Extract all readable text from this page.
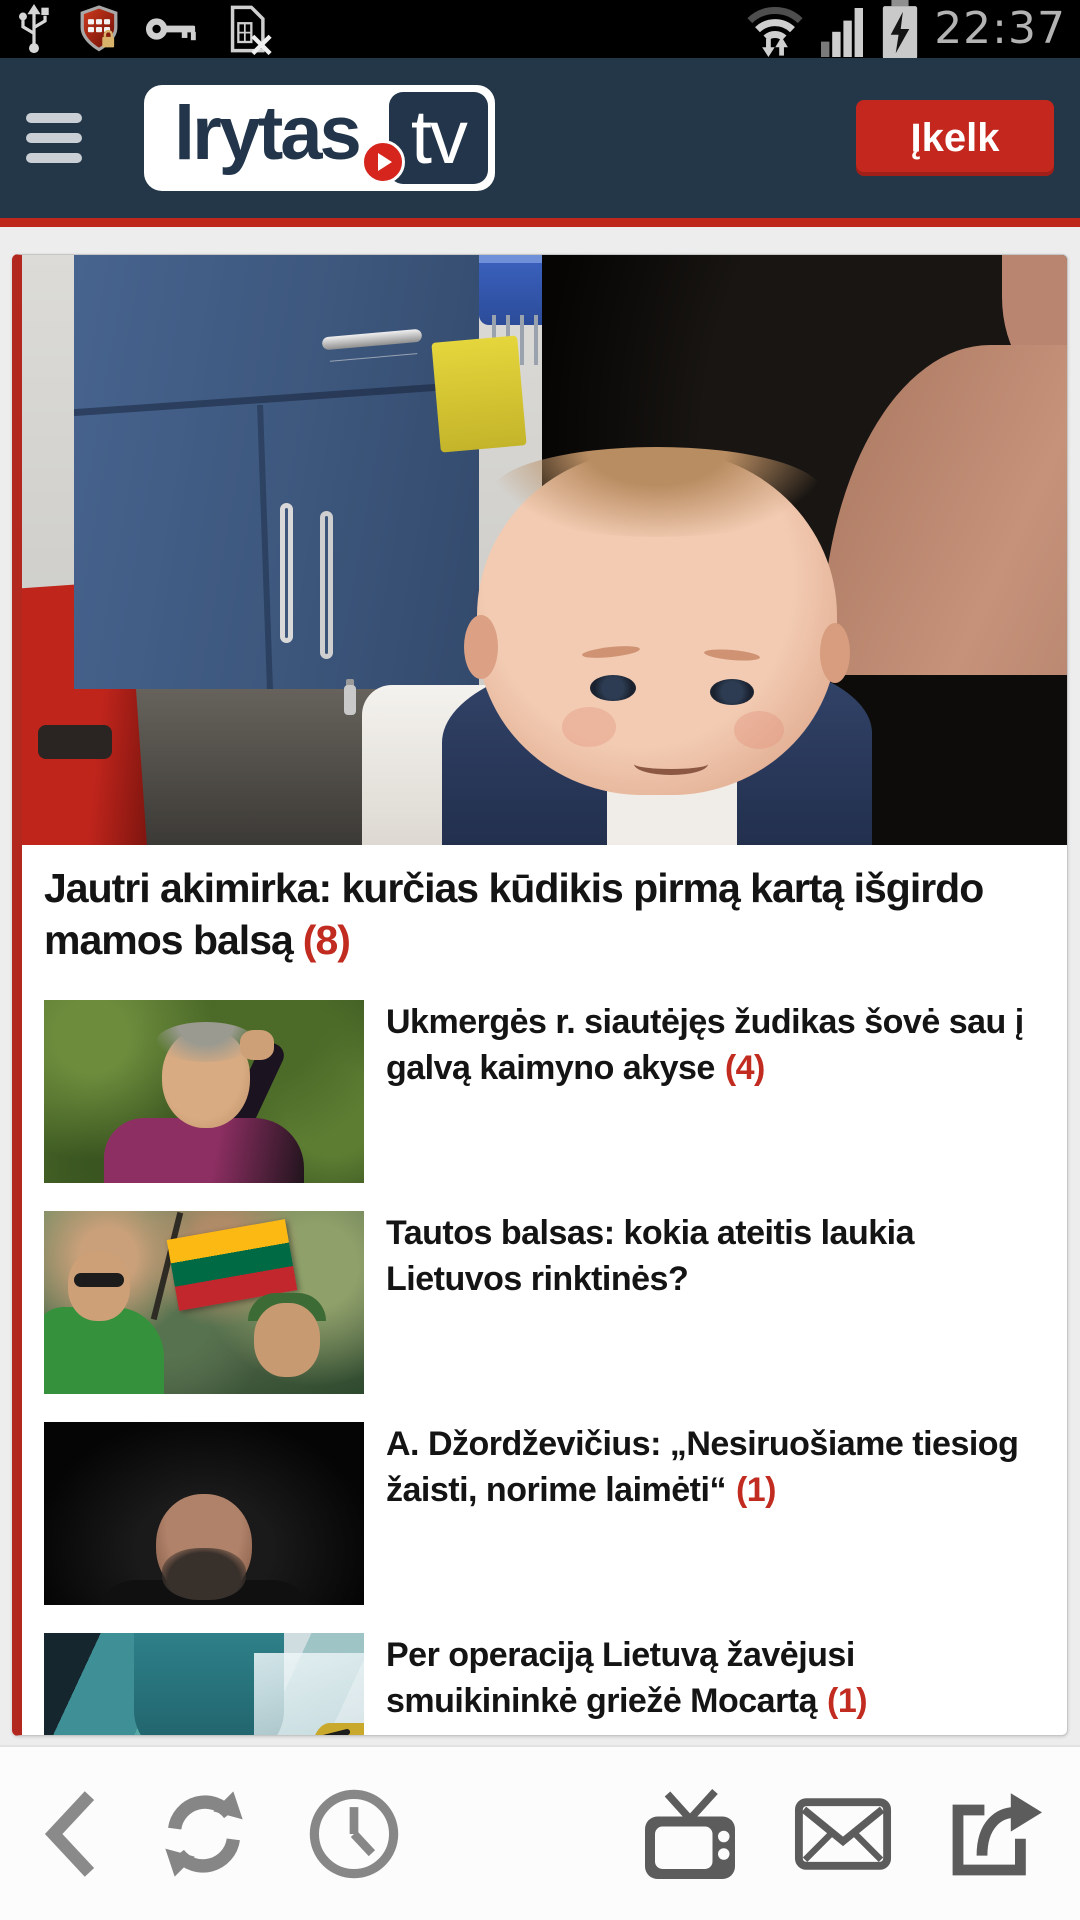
22:37
lrytas tv	Įkelk
Jautri akimirka: kurčias kūdikis pirmą kartą išgirdo mamos balsą (8)
Ukmergės r. siautėjęs žudikas šovė sau į galvą kaimyno akyse (4)
Tautos balsas: kokia ateitis laukia Lietuvos rinktinės?
A. Džordževičius: „Nesiruošiame tiesiog žaisti, norime laimėti“ (1)
Per operaciją Lietuvą žavėjusi smuikininkė griežė Mocartą (1)
